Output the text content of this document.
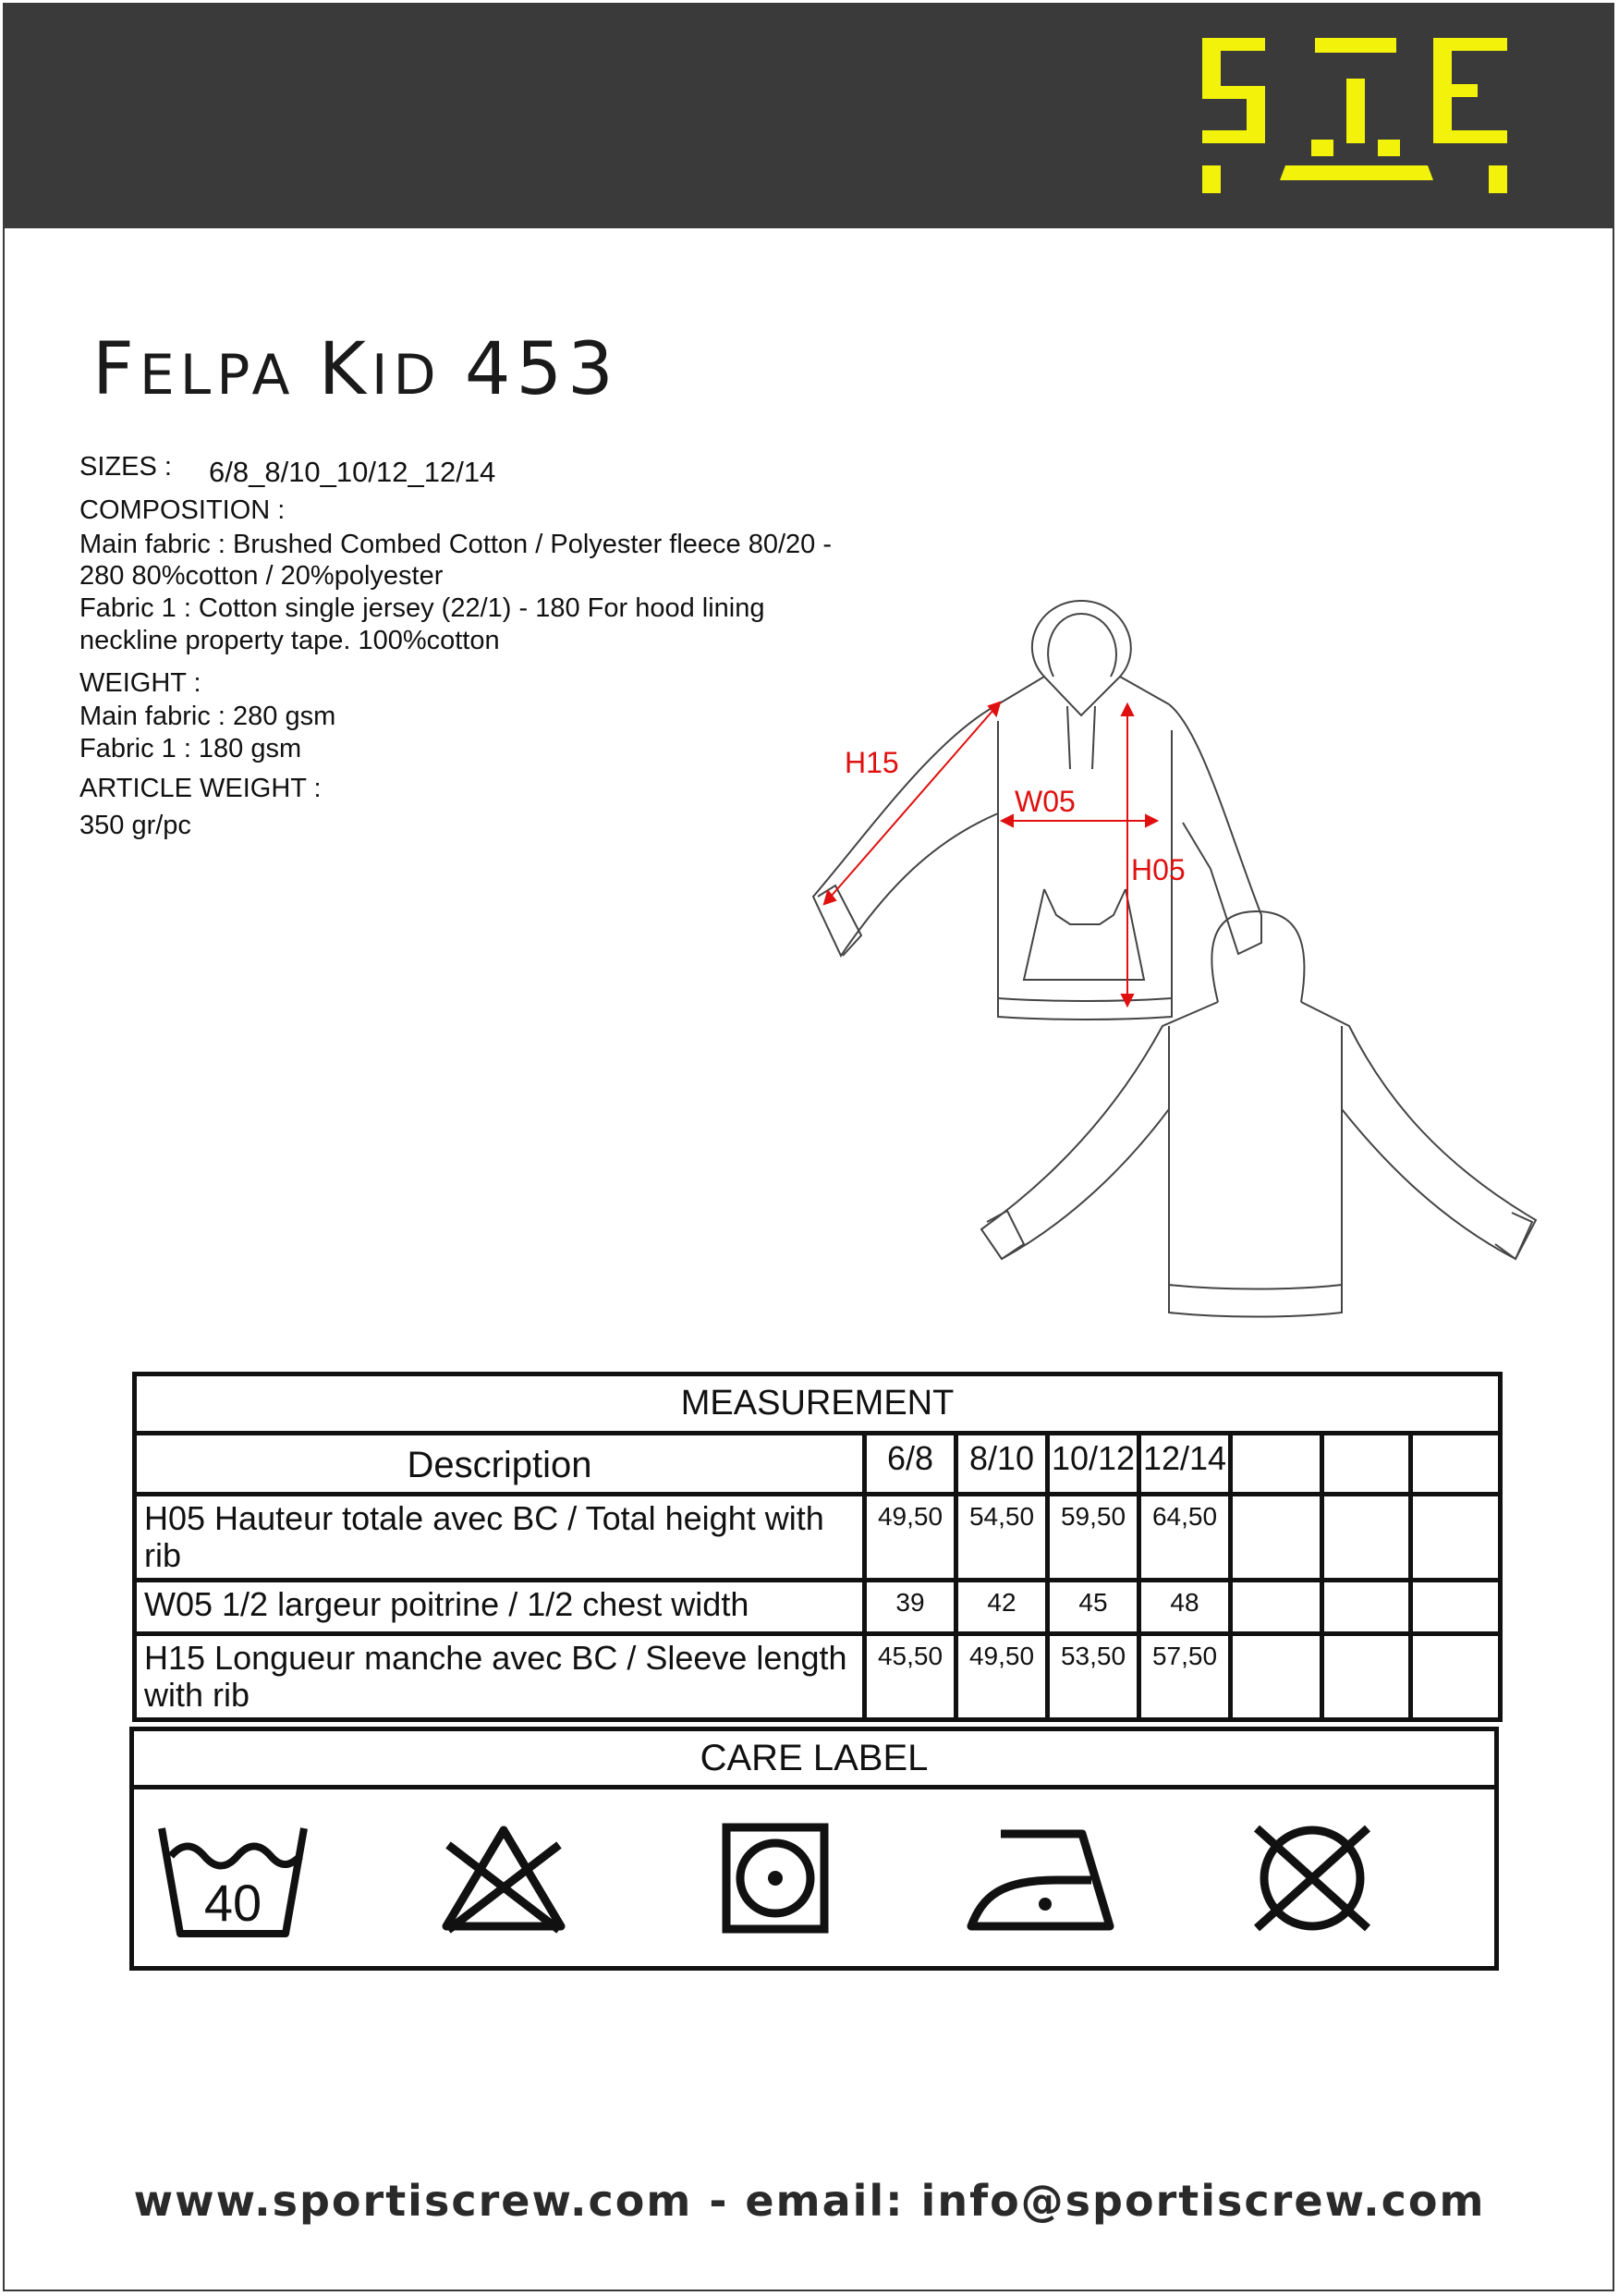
FELPA KID 453
SIZES : 6/8_8/10_10/12_12/14
COMPOSITION :
Main fabric : Brushed Combed Cotton / Polyester fleece 80/20 -
280 80%cotton / 20%polyester
Fabric 1 : Cotton single jersey (22/1) - 180 For hood lining
neckline property tape. 100%cotton
WEIGHT :
Main fabric : 280 gsm
Fabric 1 : 180 gsm
ARTICLE WEIGHT :
350 gr/pc
H15
W05
H05
MEASUREMENT							
Description	6/8	8/10	10/12	12/14			
H05 Hauteur totale avec BC / Total height with rib	49,50	54,50	59,50	64,50			
W05 1/2 largeur poitrine / 1/2 chest width	39	42	45	48			
H15 Longueur manche avec BC / Sleeve length with rib	45,50	49,50	53,50	57,50			
CARE LABEL
40
www.sportiscrew.com - email: info@sportiscrew.com
